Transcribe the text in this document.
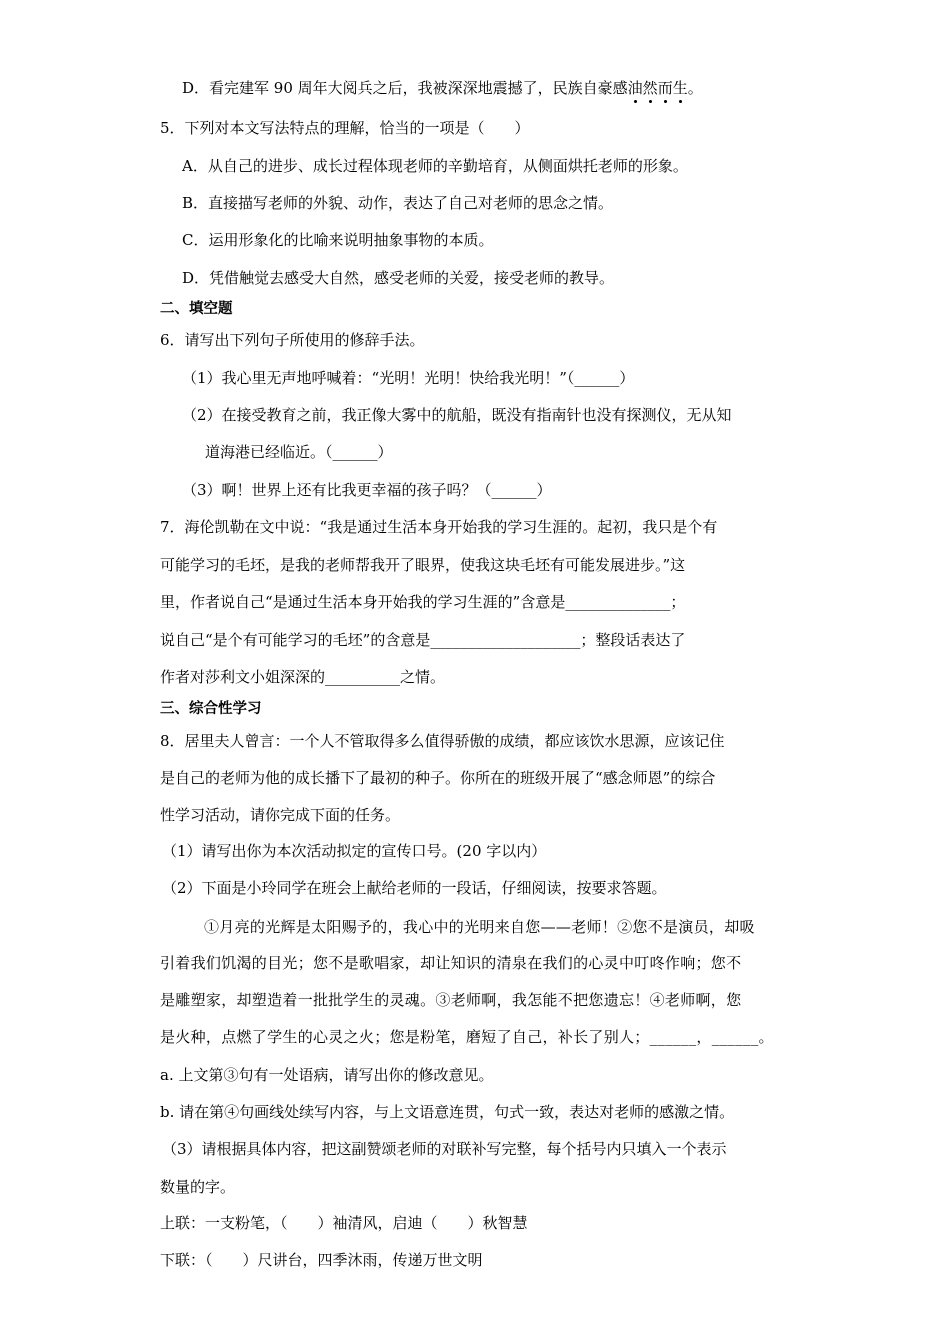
D．看完建军 90 周年大阅兵之后，我被深深地震撼了，民族自豪感油然而生。
5．下列对本文写法特点的理解，恰当的一项是（　　）
A．从自己的进步、成长过程体现老师的辛勤培育，从侧面烘托老师的形象。
B．直接描写老师的外貌、动作，表达了自己对老师的思念之情。
C．运用形象化的比喻来说明抽象事物的本质。
D．凭借触觉去感受大自然，感受老师的关爱，接受老师的教导。
二、填空题
6．请写出下列句子所使用的修辞手法。
（1）我心里无声地呼喊着：“光明！光明！快给我光明！”（______）
（2）在接受教育之前，我正像大雾中的航船，既没有指南针也没有探测仪，无从知
道海港已经临近。（______）
（3）啊！世界上还有比我更幸福的孩子吗？（______）
7．海伦凯勒在文中说：“我是通过生活本身开始我的学习生涯的。起初，我只是个有
可能学习的毛坯，是我的老师帮我开了眼界，使我这块毛坯有可能发展进步。”这
里，作者说自己“是通过生活本身开始我的学习生涯的”含意是______________；
说自己“是个有可能学习的毛坯”的含意是____________________；整段话表达了
作者对莎利文小姐深深的__________之情。
三、综合性学习
8．居里夫人曾言：一个人不管取得多么值得骄傲的成绩，都应该饮水思源，应该记住
是自己的老师为他的成长播下了最初的种子。你所在的班级开展了“感念师恩”的综合
性学习活动，请你完成下面的任务。
（1）请写出你为本次活动拟定的宣传口号。(20 字以内）
（2）下面是小玲同学在班会上献给老师的一段话，仔细阅读，按要求答题。
①月亮的光辉是太阳赐予的，我心中的光明来自您——老师！②您不是演员，却吸
引着我们饥渴的目光；您不是歌唱家，却让知识的清泉在我们的心灵中叮咚作响；您不
是雕塑家，却塑造着一批批学生的灵魂。③老师啊，我怎能不把您遗忘！④老师啊，您
是火种，点燃了学生的心灵之火；您是粉笔，磨短了自己，补长了别人；______，______。
a. 上文第③句有一处语病，请写出你的修改意见。
b. 请在第④句画线处续写内容，与上文语意连贯，句式一致，表达对老师的感激之情。
（3）请根据具体内容，把这副赞颂老师的对联补写完整，每个括号内只填入一个表示
数量的字。
上联：一支粉笔，（　　）袖清风，启迪（　　）秋智慧
下联：（　　）尺讲台，四季沐雨，传递万世文明
